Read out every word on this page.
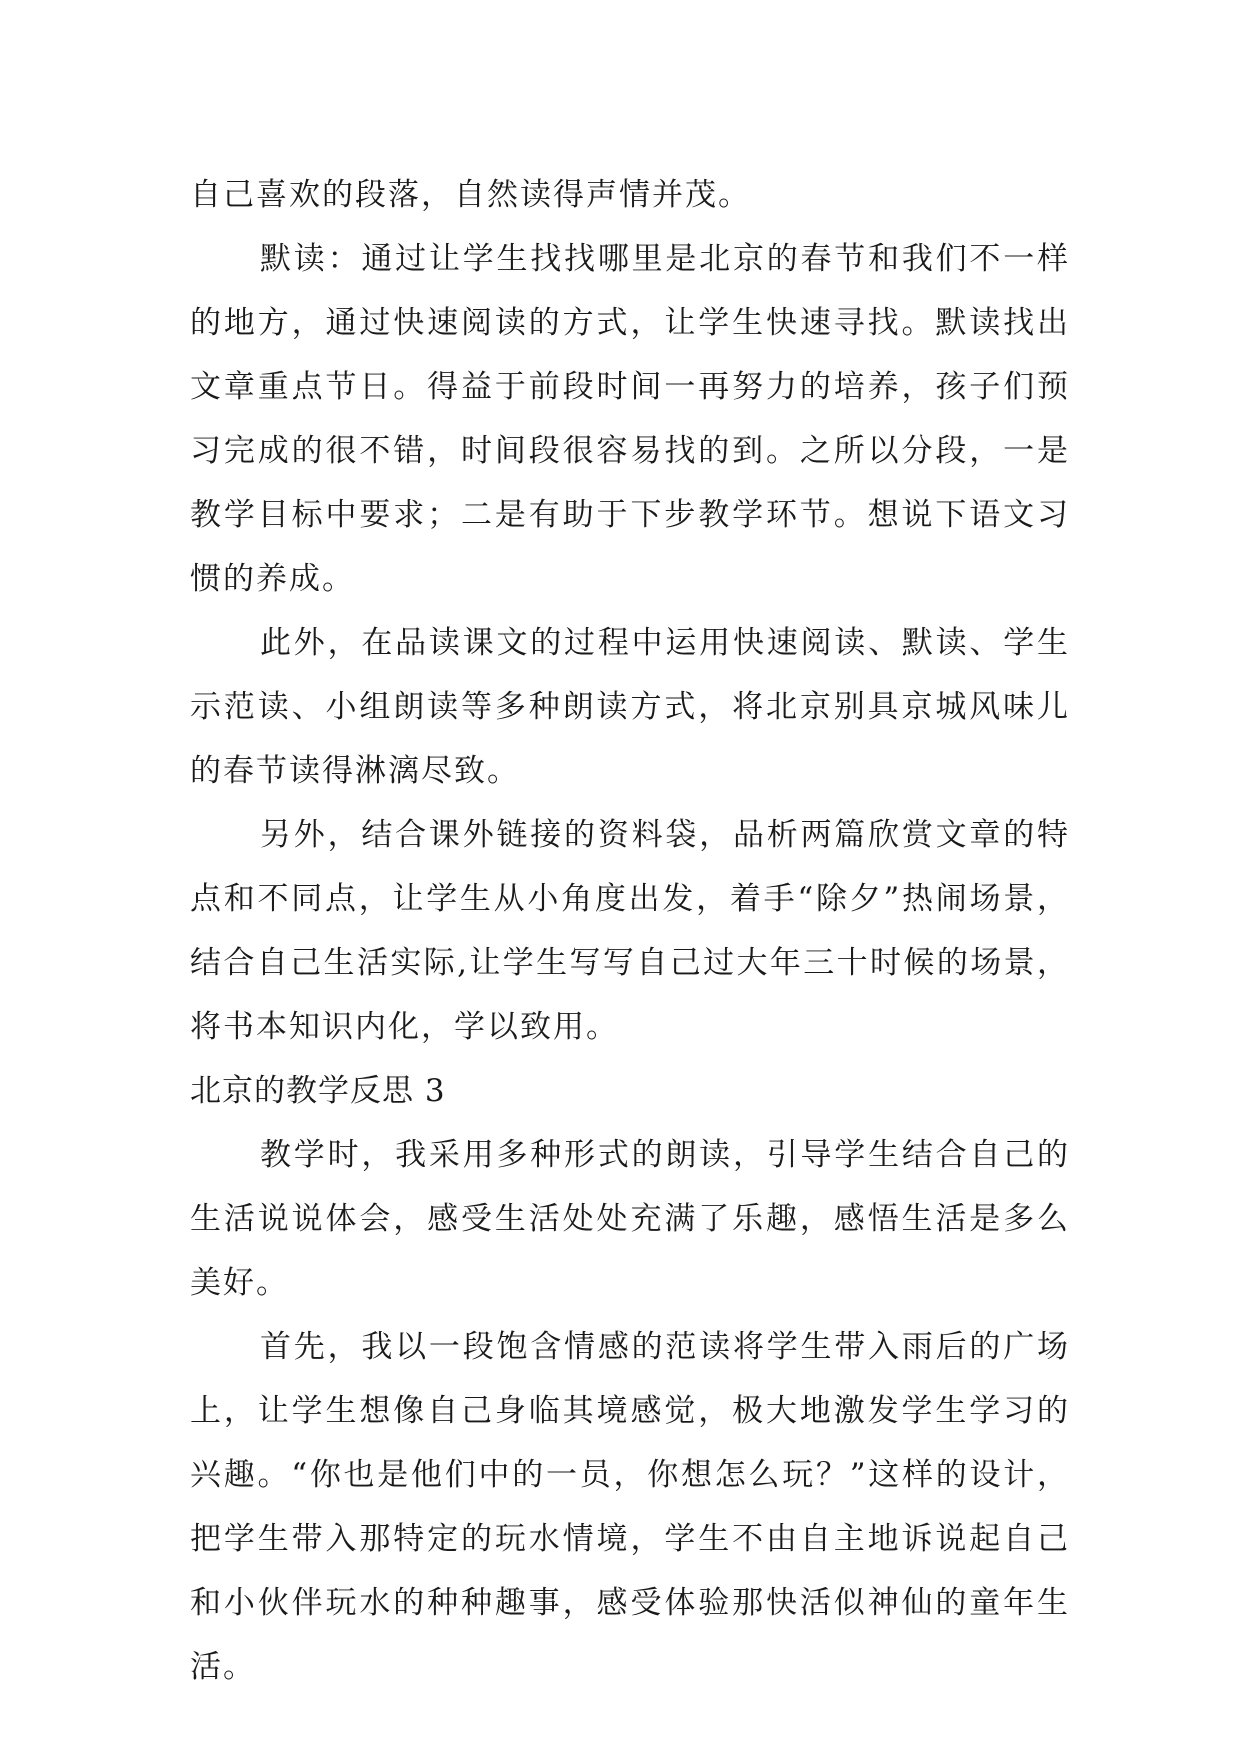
自己喜欢的段落，自然读得声情并茂。

默读：通过让学生找找哪里是北京的春节和我们不一样的地方，通过快速阅读的方式，让学生快速寻找。默读找出文章重点节日。得益于前段时间一再努力的培养，孩子们预习完成的很不错，时间段很容易找的到。之所以分段，一是教学目标中要求；二是有助于下步教学环节。想说下语文习惯的养成。

此外，在品读课文的过程中运用快速阅读、默读、学生示范读、小组朗读等多种朗读方式，将北京别具京城风味儿的春节读得淋漓尽致。

另外，结合课外链接的资料袋，品析两篇欣赏文章的特点和不同点，让学生从小角度出发，着手“除夕”热闹场景，结合自己生活实际,让学生写写自己过大年三十时候的场景，将书本知识内化，学以致用。

北京的教学反思 3

教学时，我采用多种形式的朗读，引导学生结合自己的生活说说体会，感受生活处处充满了乐趣，感悟生活是多么美好。

首先，我以一段饱含情感的范读将学生带入雨后的广场上，让学生想像自己身临其境感觉，极大地激发学生学习的兴趣。“你也是他们中的一员，你想怎么玩？”这样的设计，把学生带入那特定的玩水情境，学生不由自主地诉说起自己和小伙伴玩水的种种趣事，感受体验那快活似神仙的童年生活。
